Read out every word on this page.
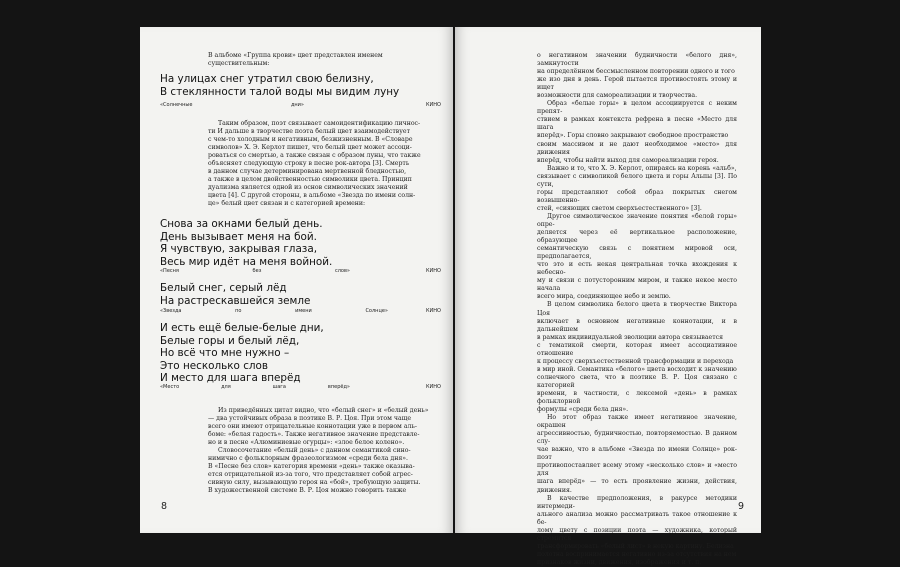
В альбоме «Группа крови» цвет представлен именем

существительным:

На улицах снег утратил свою белизну,
В стеклянности талой воды мы видим луну
«Солнечные	дни»	КИНО

Таким образом, поэт связывает самоидентификацию личнос-

ти И дальше в творчестве поэта белый цвет взаимодействует

с чем-то холодным и негативным, безжизненным. В «Словаре

символов» Х. Э. Керлот пишет, что белый цвет может ассоци-

роваться со смертью, а также связан с образом луны, что также

объясняет следующую строку в песне рок-автора [3]. Смерть

в данном случае детерминирована мертвенной бледностью,

а также в целом двойственностью символики цвета. Принцип

дуализма является одной из основ символических значений

цвета [4]. С другой стороны, в альбоме «Звезда по имени солн-

це» белый цвет связан и с категорией времени:

Снова за окнами белый день.
День вызывает меня на бой.
Я чувствую, закрывая глаза,
Весь мир идёт на меня войной.
«Песня	без	слов»	КИНО
Белый снег, серый лёд
На растрескавшейся земле
«Звезда	по	имени	Солнце»	КИНО
И есть ещё белые-белые дни,
Белые горы и белый лёд,
Но всё что мне нужно –
Это несколько слов
И место для шага вперёд
«Место	для	шага	вперёд»	КИНО

Из приведённых цитат видно, что «белый снег» и «белый день»

— два устойчивых образа в поэтике В. Р. Цоя. При этом чаще

всего они имеют отрицательные коннотации уже в первом аль-

боме: «белая гадость». Также негативное значение представле-

но и в песне «Алюминиевые огурцы»: «злое белое колено».

Словосочетание «белый день» с данном семантикой сино-

нимично с фольклорным фразеологизмом «среди бела дня».

В «Песне без слов» категория времени «день» также оказыва-

ется отрицательной из-за того, что представляет собой агрес-

сивную силу, вызывающую героя на «бой», требующую защиты.

В художественной системе В. Р. Цоя можно говорить также

8

о негативном значении будничности «белого дня», замкнутости

на определённом бессмысленном повторении одного и того

же изо дня в день. Герой пытается противостоять этому и ищет

возможности для самореализации и творчества.

Образ «белые горы» в целом ассоциируется с неким препят-

ствием в рамках контекста рефрена в песне «Место для шага

вперёд». Горы словно закрывают свободное пространство

своим массивом и не дают необходимое «место» для движения

вперёд, чтобы найти выход для самореализации героя.

Важно и то, что Х. Э. Керлот, опираясь на корень «альб»,

связывает с символикой белого цвета и горы Альпы [3]. По сути,

горы представляют собой образ покрытых снегом возвышенно-

стей, «сияющих светом сверхъестественного» [3].

Другое символическое значение понятия «белой горы» опре-

деляется через её вертикальное расположение, образующее

семантическую связь с понятием мировой оси, предполагается,

что это и есть некая центральная точка вхождения к небесно-

му и связи с потусторонним миром, и также некое место начала

всего мира, соединяющее небо и землю.

В целом символика белого цвета в творчестве Виктора Цоя

включает в основном негативные коннотации, и в дальнейшем

в рамках индивидуальной эволюции автора связывается

с тематикой смерти, которая имеет ассоциативное отношение

к процессу сверхъестественной трансформации и перехода

в мир иной. Семантика «белого» цвета восходит к значению

солнечного света, что в поэтике В. Р. Цоя связано с категорией

времени, в частности, с лексемой «день» в рамках фольклорной

формулы «среди бела дня».

Но этот образ также имеет негативное значение, окрашен

агрессивностью, будничностью, повторяемостью. В данном слу-

чае важно, что в альбоме «Звезда по имени Солнце» рок-поэт

противопоставляет всему этому «несколько слов» и «место для

шага вперёд» — то есть проявление жизни, действия, движения.

В качестве предположения, в ракурсе методики интермеди-

ального анализа можно рассматривать такое отношение к бе-

лому цвету с позиции поэта — художника, который стремится

трансформировать «белый лист» в некую картину. Белизна

полотна воспринимается негативно из-за отсутствия на нем

признаков жизни, движения, изображения и т. п.

9
